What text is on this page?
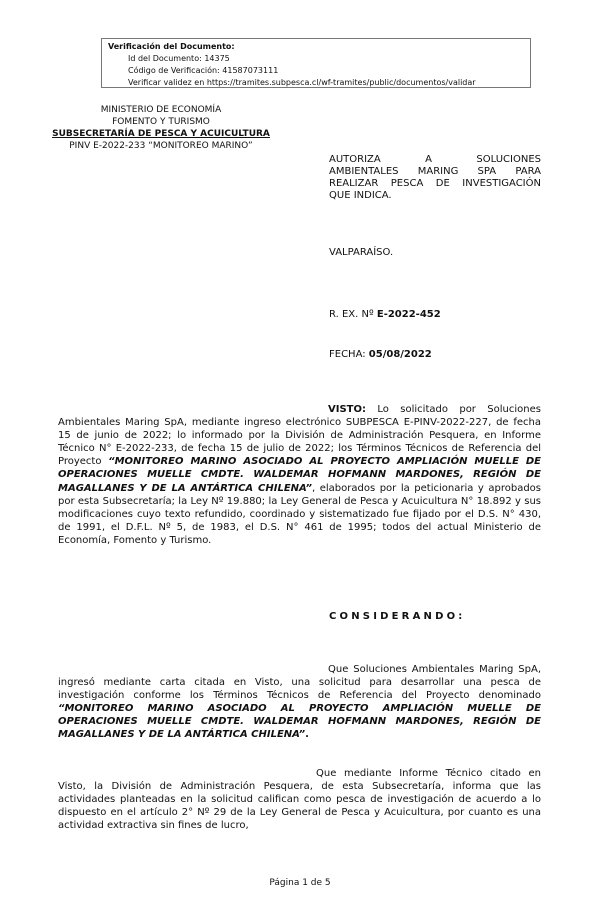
Verificación del Documento:
• Id del Documento: 14375
• Código de Verificación: 41587073111
• Verificar validez en https://tramites.subpesca.cl/wf-tramites/public/documentos/validar
MINISTERIO DE ECONOMÍA
FOMENTO Y TURISMO
SUBSECRETARÍA DE PESCA Y ACUICULTURA
PINV E-2022-233 “MONITOREO MARINO”
AUTORIZA A SOLUCIONES
AMBIENTALES MARING SPA PARA
REALIZAR PESCA DE INVESTIGACIÓN
QUE INDICA.
VALPARAÍSO.
R. EX. Nº E-2022-452
FECHA: 05/08/2022
VISTO: Lo solicitado por Soluciones Ambientales Maring SpA, mediante ingreso electrónico SUBPESCA E-PINV-2022-227, de fecha 15 de junio de 2022; lo informado por la División de Administración Pesquera, en Informe Técnico N° E-2022-233, de fecha 15 de julio de 2022; los Términos Técnicos de Referencia del Proyecto “MONITOREO MARINO ASOCIADO AL PROYECTO AMPLIACIÓN MUELLE DE OPERACIONES MUELLE CMDTE. WALDEMAR HOFMANN MARDONES, REGIÓN DE MAGALLANES Y DE LA ANTÁRTICA CHILENA”, elaborados por la peticionaria y aprobados por esta Subsecretaría; la Ley Nº 19.880; la Ley General de Pesca y Acuicultura N° 18.892 y sus modificaciones cuyo texto refundido, coordinado y sistematizado fue fijado por el D.S. N° 430, de 1991, el D.F.L. Nº 5, de 1983, el D.S. N° 461 de 1995; todos del actual Ministerio de Economía, Fomento y Turismo.
CONSIDERANDO:
Que Soluciones Ambientales Maring SpA, ingresó mediante carta citada en Visto, una solicitud para desarrollar una pesca de investigación conforme los Términos Técnicos de Referencia del Proyecto denominado “MONITOREO MARINO ASOCIADO AL PROYECTO AMPLIACIÓN MUELLE DE OPERACIONES MUELLE CMDTE. WALDEMAR HOFMANN MARDONES, REGIÓN DE MAGALLANES Y DE LA ANTÁRTICA CHILENA”.
Que mediante Informe Técnico citado en Visto, la División de Administración Pesquera, de esta Subsecretaría, informa que las actividades planteadas en la solicitud califican como pesca de investigación de acuerdo a lo dispuesto en el artículo 2° Nº 29 de la Ley General de Pesca y Acuicultura, por cuanto es una actividad extractiva sin fines de lucro,
Página 1 de 5
